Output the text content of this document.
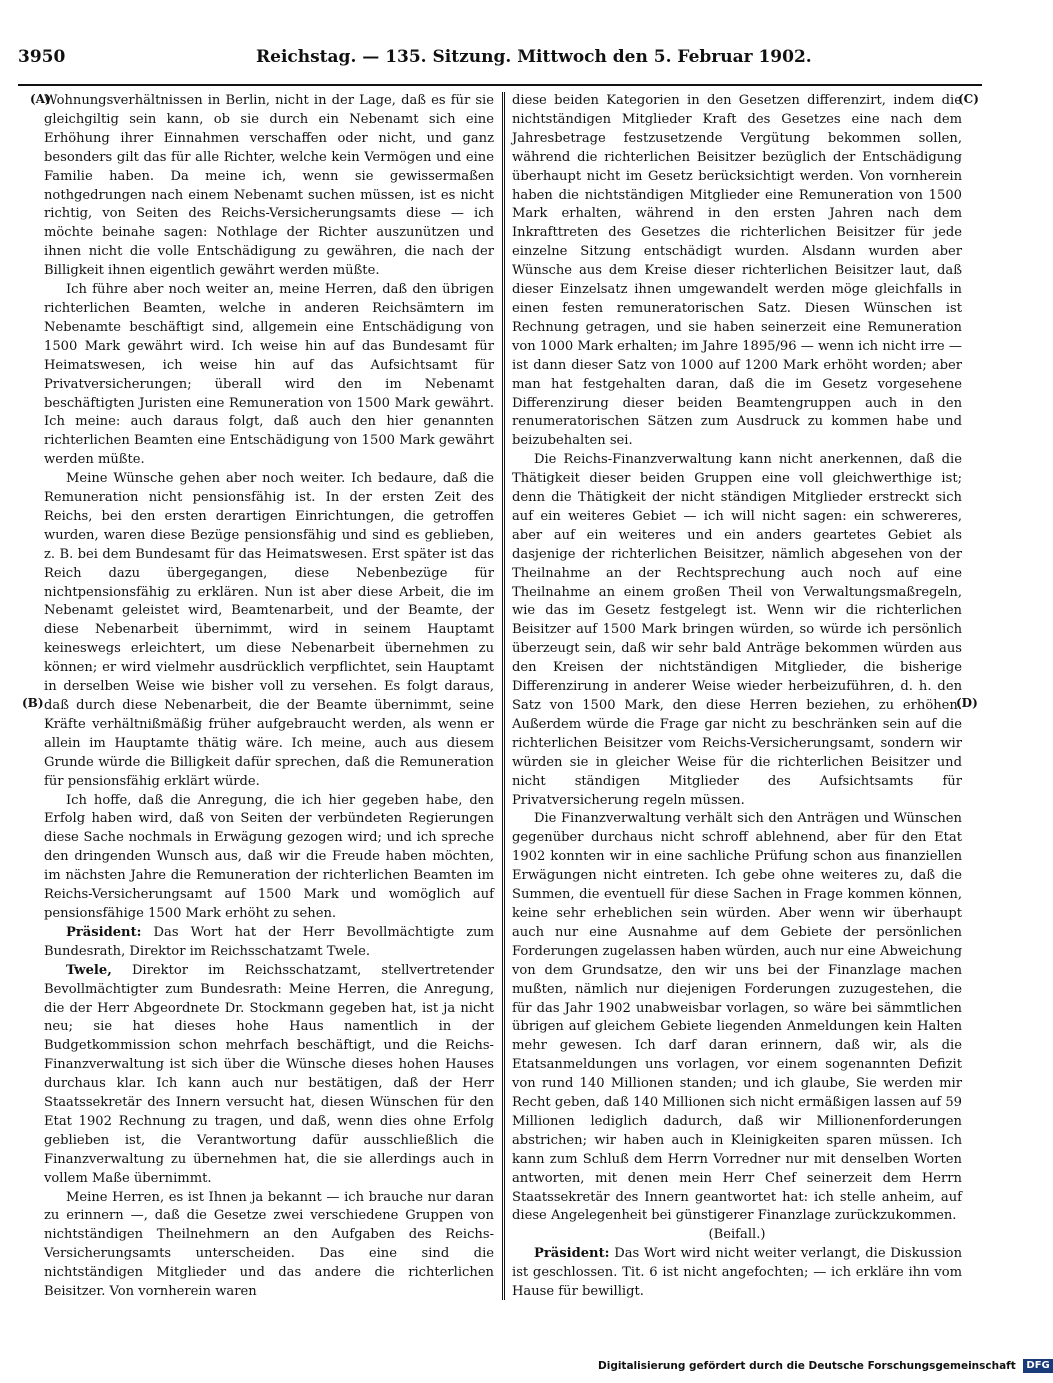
3950	Reichstag. — 135. Sitzung. Mittwoch den 5. Februar 1902.
(A)
(B)
(C)
(D)

Wohnungsverhältnissen in Berlin, nicht in der Lage, daß es für sie gleichgiltig sein kann, ob sie durch ein Nebenamt sich eine Erhöhung ihrer Einnahmen verschaffen oder nicht, und ganz besonders gilt das für alle Richter, welche kein Vermögen und eine Familie haben. Da meine ich, wenn sie gewissermaßen nothgedrungen nach einem Nebenamt suchen müssen, ist es nicht richtig, von Seiten des Reichs-Versicherungsamts diese — ich möchte beinahe sagen: Nothlage der Richter auszunützen und ihnen nicht die volle Entschädigung zu gewähren, die nach der Billigkeit ihnen eigentlich gewährt werden müßte.

Ich führe aber noch weiter an, meine Herren, daß den übrigen richterlichen Beamten, welche in anderen Reichsämtern im Nebenamte beschäftigt sind, allgemein eine Entschädigung von 1500 Mark gewährt wird. Ich weise hin auf das Bundesamt für Heimatswesen, ich weise hin auf das Aufsichtsamt für Privatversicherungen; überall wird den im Nebenamt beschäftigten Juristen eine Remuneration von 1500 Mark gewährt. Ich meine: auch daraus folgt, daß auch den hier genannten richterlichen Beamten eine Entschädigung von 1500 Mark gewährt werden müßte.

Meine Wünsche gehen aber noch weiter. Ich bedaure, daß die Remuneration nicht pensionsfähig ist. In der ersten Zeit des Reichs, bei den ersten derartigen Einrichtungen, die getroffen wurden, waren diese Bezüge pensionsfähig und sind es geblieben, z. B. bei dem Bundesamt für das Heimatswesen. Erst später ist das Reich dazu übergegangen, diese Nebenbezüge für nichtpensionsfähig zu erklären. Nun ist aber diese Arbeit, die im Nebenamt geleistet wird, Beamtenarbeit, und der Beamte, der diese Nebenarbeit übernimmt, wird in seinem Hauptamt keineswegs erleichtert, um diese Nebenarbeit übernehmen zu können; er wird vielmehr ausdrücklich verpflichtet, sein Hauptamt in derselben Weise wie bisher voll zu versehen. Es folgt daraus, daß durch diese Nebenarbeit, die der Beamte übernimmt, seine Kräfte verhältnißmäßig früher aufgebraucht werden, als wenn er allein im Hauptamte thätig wäre. Ich meine, auch aus diesem Grunde würde die Billigkeit dafür sprechen, daß die Remuneration für pensionsfähig erklärt würde.

Ich hoffe, daß die Anregung, die ich hier gegeben habe, den Erfolg haben wird, daß von Seiten der verbündeten Regierungen diese Sache nochmals in Erwägung gezogen wird; und ich spreche den dringenden Wunsch aus, daß wir die Freude haben möchten, im nächsten Jahre die Remuneration der richterlichen Beamten im Reichs-Versicherungsamt auf 1500 Mark und womöglich auf pensionsfähige 1500 Mark erhöht zu sehen.

Präsident: Das Wort hat der Herr Bevollmächtigte zum Bundesrath, Direktor im Reichsschatzamt Twele.

Twele, Direktor im Reichsschatzamt, stellvertretender Bevollmächtigter zum Bundesrath: Meine Herren, die Anregung, die der Herr Abgeordnete Dr. Stockmann gegeben hat, ist ja nicht neu; sie hat dieses hohe Haus namentlich in der Budgetkommission schon mehrfach beschäftigt, und die Reichs-Finanzverwaltung ist sich über die Wünsche dieses hohen Hauses durchaus klar. Ich kann auch nur bestätigen, daß der Herr Staatssekretär des Innern versucht hat, diesen Wünschen für den Etat 1902 Rechnung zu tragen, und daß, wenn dies ohne Erfolg geblieben ist, die Verantwortung dafür ausschließlich die Finanzverwaltung zu übernehmen hat, die sie allerdings auch in vollem Maße übernimmt.

Meine Herren, es ist Ihnen ja bekannt — ich brauche nur daran zu erinnern —, daß die Gesetze zwei verschiedene Gruppen von nichtständigen Theilnehmern an den Aufgaben des Reichs-Versicherungsamts unterscheiden. Das eine sind die nichtständigen Mitglieder und das andere die richterlichen Beisitzer. Von vornherein waren

diese beiden Kategorien in den Gesetzen differenzirt, indem die nichtständigen Mitglieder Kraft des Gesetzes eine nach dem Jahresbetrage festzusetzende Vergütung bekommen sollen, während die richterlichen Beisitzer bezüglich der Entschädigung überhaupt nicht im Gesetz berücksichtigt werden. Von vornherein haben die nichtständigen Mitglieder eine Remuneration von 1500 Mark erhalten, während in den ersten Jahren nach dem Inkrafttreten des Gesetzes die richterlichen Beisitzer für jede einzelne Sitzung entschädigt wurden. Alsdann wurden aber Wünsche aus dem Kreise dieser richterlichen Beisitzer laut, daß dieser Einzelsatz ihnen umgewandelt werden möge gleichfalls in einen festen remuneratorischen Satz. Diesen Wünschen ist Rechnung getragen, und sie haben seinerzeit eine Remuneration von 1000 Mark erhalten; im Jahre 1895/96 — wenn ich nicht irre — ist dann dieser Satz von 1000 auf 1200 Mark erhöht worden; aber man hat festgehalten daran, daß die im Gesetz vorgesehene Differenzirung dieser beiden Beamtengruppen auch in den renumeratorischen Sätzen zum Ausdruck zu kommen habe und beizubehalten sei.

Die Reichs-Finanzverwaltung kann nicht anerkennen, daß die Thätigkeit dieser beiden Gruppen eine voll gleichwerthige ist; denn die Thätigkeit der nicht ständigen Mitglieder erstreckt sich auf ein weiteres Gebiet — ich will nicht sagen: ein schwereres, aber auf ein weiteres und ein anders geartetes Gebiet als dasjenige der richterlichen Beisitzer, nämlich abgesehen von der Theilnahme an der Rechtsprechung auch noch auf eine Theilnahme an einem großen Theil von Verwaltungsmaßregeln, wie das im Gesetz festgelegt ist. Wenn wir die richterlichen Beisitzer auf 1500 Mark bringen würden, so würde ich persönlich überzeugt sein, daß wir sehr bald Anträge bekommen würden aus den Kreisen der nichtständigen Mitglieder, die bisherige Differenzirung in anderer Weise wieder herbeizuführen, d. h. den Satz von 1500 Mark, den diese Herren beziehen, zu erhöhen. Außerdem würde die Frage gar nicht zu beschränken sein auf die richterlichen Beisitzer vom Reichs-Versicherungsamt, sondern wir würden sie in gleicher Weise für die richterlichen Beisitzer und nicht ständigen Mitglieder des Aufsichtsamts für Privatversicherung regeln müssen.

Die Finanzverwaltung verhält sich den Anträgen und Wünschen gegenüber durchaus nicht schroff ablehnend, aber für den Etat 1902 konnten wir in eine sachliche Prüfung schon aus finanziellen Erwägungen nicht eintreten. Ich gebe ohne weiteres zu, daß die Summen, die eventuell für diese Sachen in Frage kommen können, keine sehr erheblichen sein würden. Aber wenn wir überhaupt auch nur eine Ausnahme auf dem Gebiete der persönlichen Forderungen zugelassen haben würden, auch nur eine Abweichung von dem Grundsatze, den wir uns bei der Finanzlage machen mußten, nämlich nur diejenigen Forderungen zuzugestehen, die für das Jahr 1902 unabweisbar vorlagen, so wäre bei sämmtlichen übrigen auf gleichem Gebiete liegenden Anmeldungen kein Halten mehr gewesen. Ich darf daran erinnern, daß wir, als die Etatsanmeldungen uns vorlagen, vor einem sogenannten Defizit von rund 140 Millionen standen; und ich glaube, Sie werden mir Recht geben, daß 140 Millionen sich nicht ermäßigen lassen auf 59 Millionen lediglich dadurch, daß wir Millionenforderungen abstrichen; wir haben auch in Kleinigkeiten sparen müssen. Ich kann zum Schluß dem Herrn Vorredner nur mit denselben Worten antworten, mit denen mein Herr Chef seinerzeit dem Herrn Staatssekretär des Innern geantwortet hat: ich stelle anheim, auf diese Angelegenheit bei günstigerer Finanzlage zurückzukommen.

(Beifall.)

Präsident: Das Wort wird nicht weiter verlangt, die Diskussion ist geschlossen. Tit. 6 ist nicht angefochten; — ich erkläre ihn vom Hause für bewilligt.

Digitalisierung gefördert durch die Deutsche Forschungsgemeinschaft DFG
